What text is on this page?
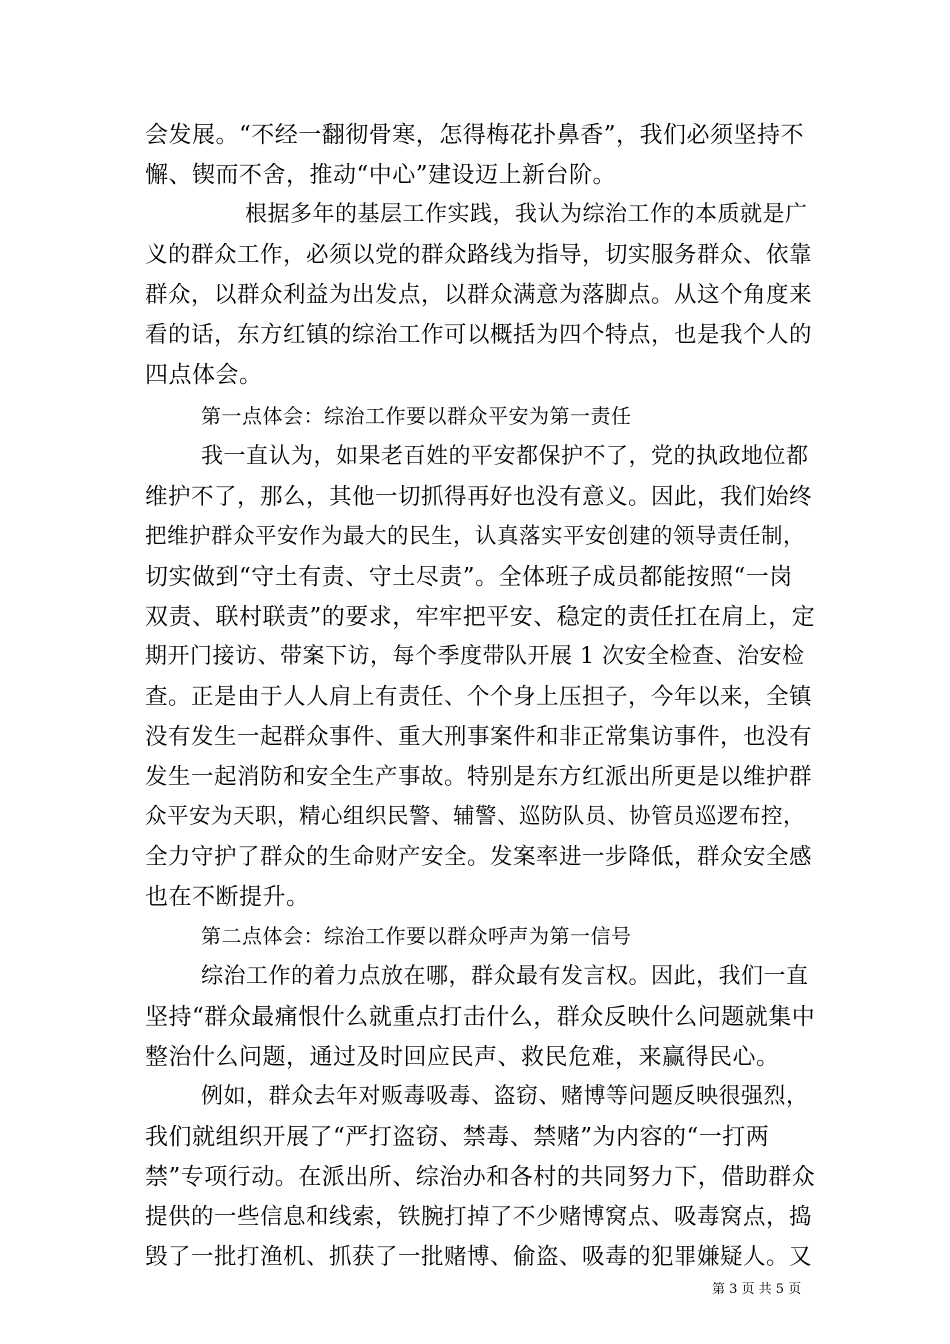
会发展。“不经一翻彻骨寒，怎得梅花扑鼻香”，我们必须坚持不
懈、锲而不舍，推动“中心”建设迈上新台阶。
根据多年的基层工作实践，我认为综治工作的本质就是广
义的群众工作，必须以党的群众路线为指导，切实服务群众、依靠
群众，以群众利益为出发点，以群众满意为落脚点。从这个角度来
看的话，东方红镇的综治工作可以概括为四个特点，也是我个人的
四点体会。
第一点体会：综治工作要以群众平安为第一责任
我一直认为，如果老百姓的平安都保护不了，党的执政地位都
维护不了，那么，其他一切抓得再好也没有意义。因此，我们始终
把维护群众平安作为最大的民生，认真落实平安创建的领导责任制，
切实做到“守土有责、守土尽责”。全体班子成员都能按照“一岗
双责、联村联责”的要求，牢牢把平安、稳定的责任扛在肩上，定
期开门接访、带案下访，每个季度带队开展 1 次安全检查、治安检
查。正是由于人人肩上有责任、个个身上压担子，今年以来，全镇
没有发生一起群众事件、重大刑事案件和非正常集访事件，也没有
发生一起消防和安全生产事故。特别是东方红派出所更是以维护群
众平安为天职，精心组织民警、辅警、巡防队员、协管员巡逻布控，
全力守护了群众的生命财产安全。发案率进一步降低，群众安全感
也在不断提升。
第二点体会：综治工作要以群众呼声为第一信号
综治工作的着力点放在哪，群众最有发言权。因此，我们一直
坚持“群众最痛恨什么就重点打击什么，群众反映什么问题就集中
整治什么问题，通过及时回应民声、救民危难，来赢得民心。
例如，群众去年对贩毒吸毒、盗窃、赌博等问题反映很强烈，
我们就组织开展了“严打盗窃、禁毒、禁赌”为内容的“一打两
禁”专项行动。在派出所、综治办和各村的共同努力下，借助群众
提供的一些信息和线索，铁腕打掉了不少赌博窝点、吸毒窝点，捣
毁了一批打渔机、抓获了一批赌博、偷盗、吸毒的犯罪嫌疑人。又
第 3 页 共 5 页
